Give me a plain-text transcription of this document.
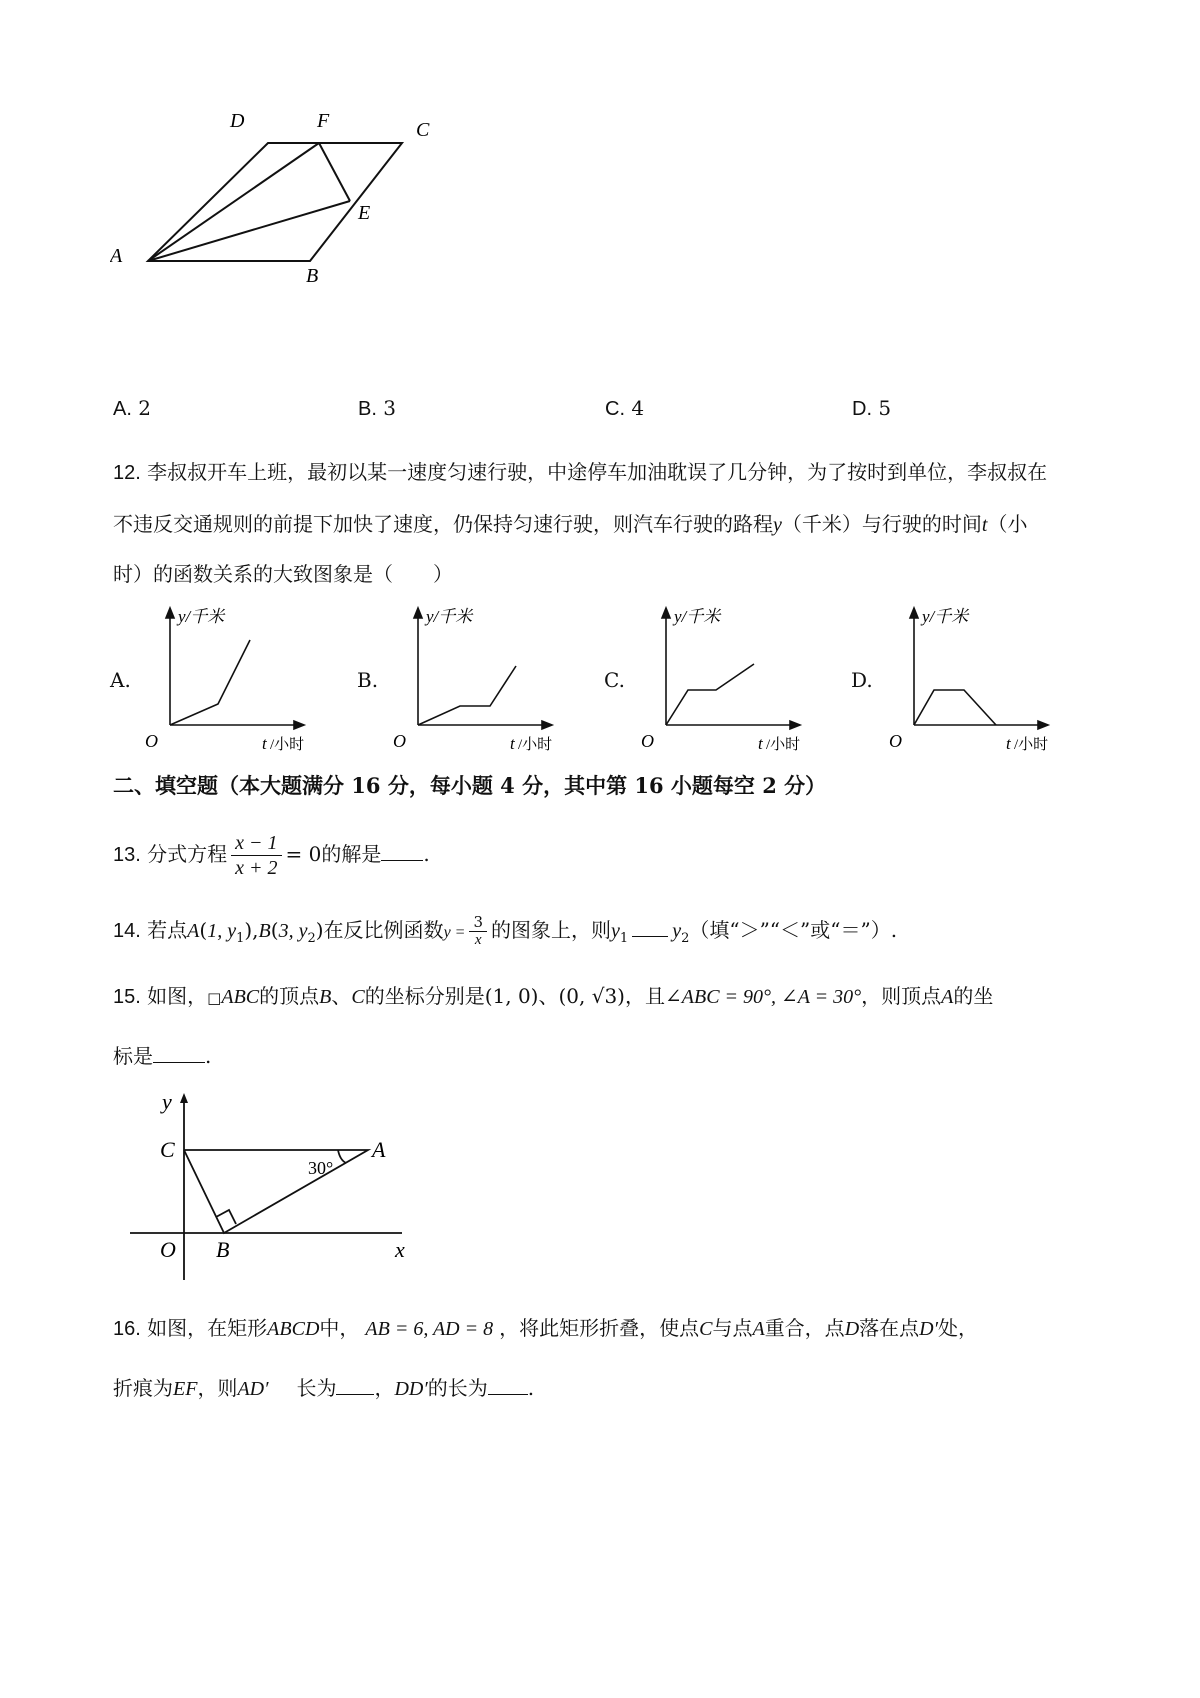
D	F	C
A
B
E
A. 2	B. 3	C. 4	D. 5
12. 李叔叔开车上班，最初以某一速度匀速行驶，中途停车加油耽误了几分钟，为了按时到单位，李叔叔在
不违反交通规则的前提下加快了速度，仍保持匀速行驶，则汽车行驶的路程y（千米）与行驶的时间t（小
时）的函数关系的大致图象是（　　）
A.	B.	C.	D.
y/千米
O	t /小时
y/千米
O	t /小时
y/千米
O	t /小时
y/千米
O	t /小时
二、填空题（本大题满分 16 分，每小题 4 分，其中第 16 小题每空 2 分）
13. 分式方程 $\frac{x - 1}{x + 2} = 0$的解是 .
14. 若点A(1, $y_1),B(3$, $y_2$)在反比例函数$y = \frac{3}{x}$ 的图象上，则$y_1$ $y_2$（填“＞”“＜”或“＝”）.
15. 如图，□ABC的顶点B、C的坐标分别是(1, 0)、(0, √3)，且∠ABC = 90°, ∠A = 30°，则顶点A的坐
标是	.
y
x
C	A
O B
30°
16. 如图，在矩形ABCD中， AB = 6, AD = 8 ，将此矩形折叠，使点C与点A重合，点D落在点D′处，
折痕为EF，则AD′ 长为 ，DD′的长为 .
